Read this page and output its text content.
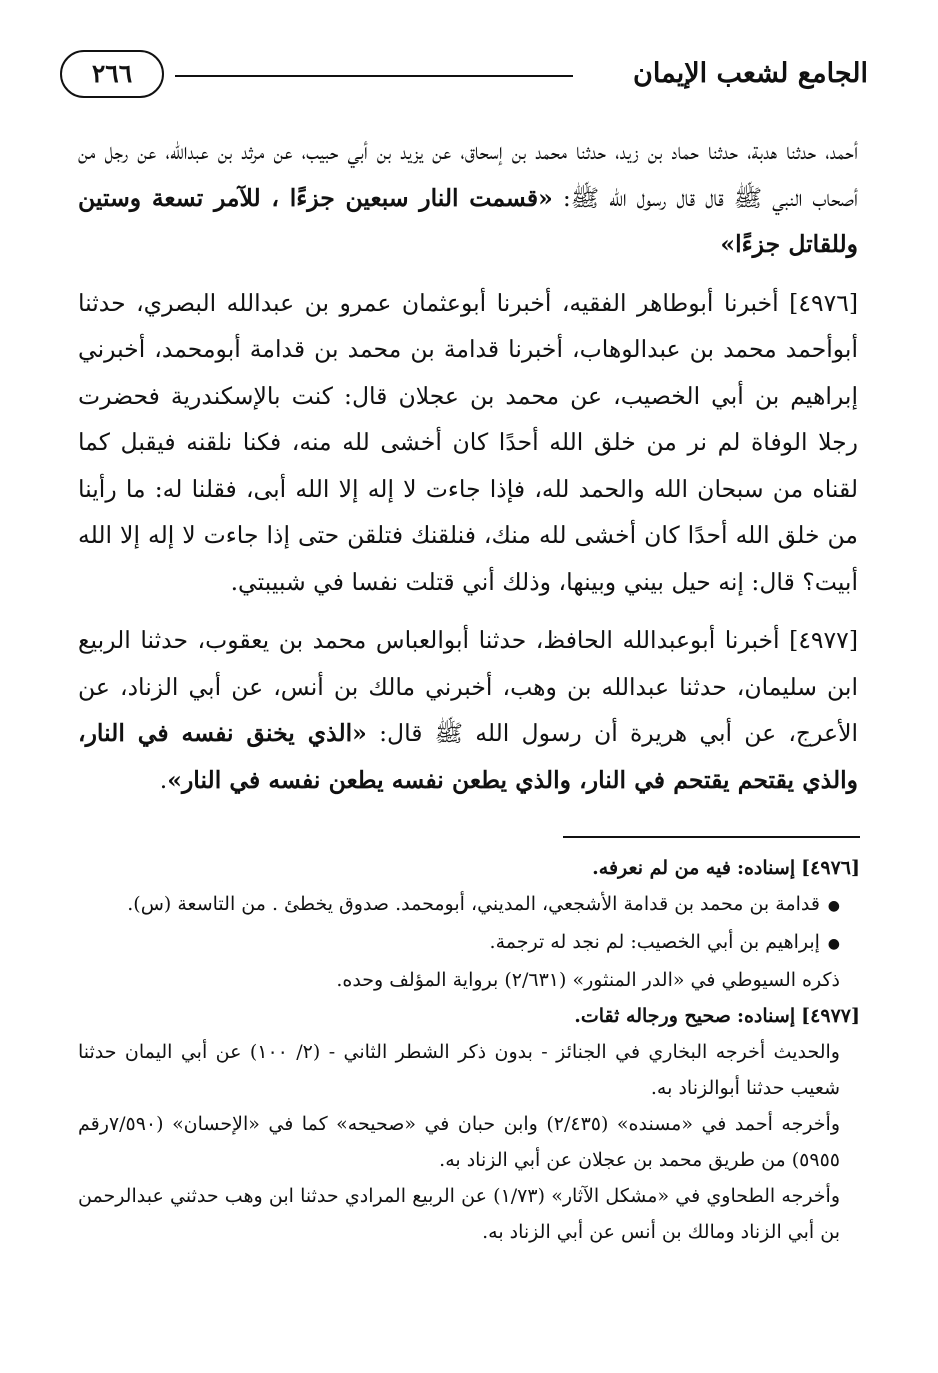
الجامع لشعب الإيمان
٢٦٦

أحمد، حدثنا هدبة، حدثنا حماد بن زيد، حدثنا محمد بن إسحاق، عن يزيد بن أبي حبيب، عن مرثد بن عبدالله، عن رجل من أصحاب النبي ﷺ قال قال رسول الله ﷺ: «قسمت النار سبعين جزءًا ، للآمر تسعة وستين وللقاتل جزءًا»

[٤٩٧٦] أخبرنا أبوطاهر الفقيه، أخبرنا أبوعثمان عمرو بن عبدالله البصري، حدثنا أبوأحمد محمد بن عبدالوهاب، أخبرنا قدامة بن محمد بن قدامة أبومحمد، أخبرني إبراهيم بن أبي الخصيب، عن محمد بن عجلان قال: كنت بالإسكندرية فحضرت رجلا الوفاة لم نر من خلق الله أحدًا كان أخشى لله منه، فكنا نلقنه فيقبل كما لقناه من سبحان الله والحمد لله، فإذا جاءت لا إله إلا الله أبى، فقلنا له: ما رأينا من خلق الله أحدًا كان أخشى لله منك، فنلقنك فتلقن حتى إذا جاءت لا إله إلا الله أبيت؟ قال: إنه حيل بيني وبينها، وذلك أني قتلت نفسا في شبيبتي.

[٤٩٧٧] أخبرنا أبوعبدالله الحافظ، حدثنا أبوالعباس محمد بن يعقوب، حدثنا الربيع ابن سليمان، حدثنا عبدالله بن وهب، أخبرني مالك بن أنس، عن أبي الزناد، عن الأعرج، عن أبي هريرة أن رسول الله ﷺ قال: «الذي يخنق نفسه في النار، والذي يقتحم يقتحم في النار، والذي يطعن نفسه يطعن نفسه في النار».

[٤٩٧٦] إسناده: فيه من لم نعرفه.

● قدامة بن محمد بن قدامة الأشجعي، المديني، أبومحمد. صدوق يخطئ . من التاسعة (س).

● إبراهيم بن أبي الخصيب: لم نجد له ترجمة.

ذكره السيوطي في «الدر المنثور» (٢/٦٣١) برواية المؤلف وحده.

[٤٩٧٧] إسناده: صحيح ورجاله ثقات.

والحديث أخرجه البخاري في الجنائز - بدون ذكر الشطر الثاني - (٢/ ١٠٠) عن أبي اليمان حدثنا شعيب حدثنا أبوالزناد به.

وأخرجه أحمد في «مسنده» (٢/٤٣٥) وابن حبان في «صحيحه» كما في «الإحسان» (٧/٥٩٠رقم ٥٩٥٥) من طريق محمد بن عجلان عن أبي الزناد به.

وأخرجه الطحاوي في «مشكل الآثار» (١/٧٣) عن الربيع المرادي حدثنا ابن وهب حدثني عبدالرحمن بن أبي الزناد ومالك بن أنس عن أبي الزناد به.
